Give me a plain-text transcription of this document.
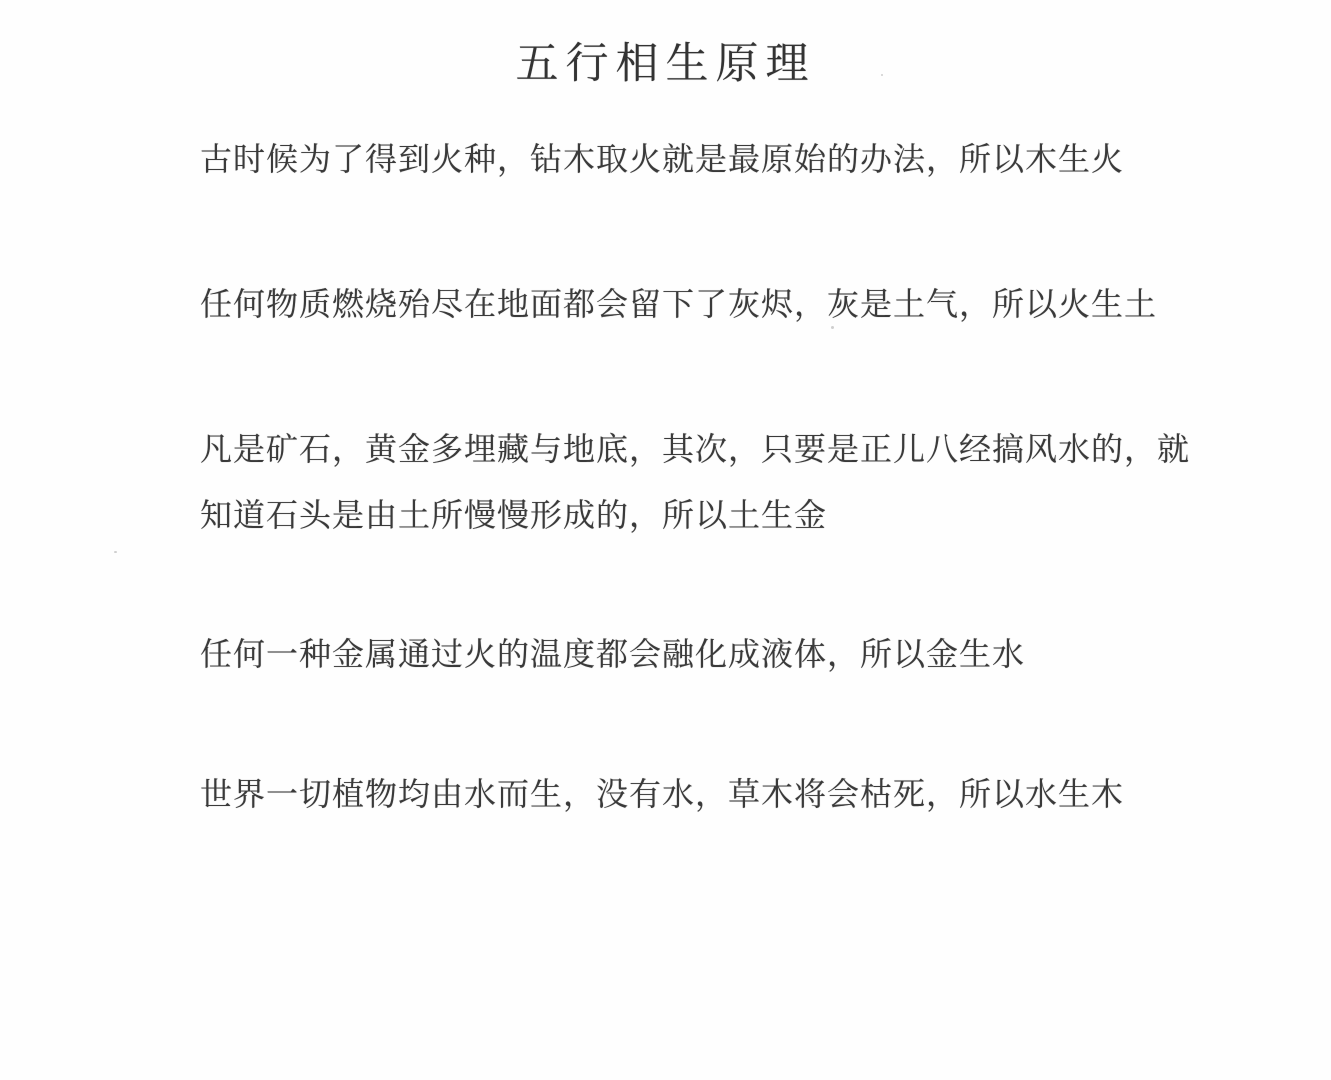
五行相生原理

古时候为了得到火种，钻木取火就是最原始的办法，所以木生火

任何物质燃烧殆尽在地面都会留下了灰烬，灰是土气，所以火生土

凡是矿石，黄金多埋藏与地底，其次，只要是正儿八经搞风水的，就

知道石头是由土所慢慢形成的，所以土生金

任何一种金属通过火的温度都会融化成液体，所以金生水

世界一切植物均由水而生，没有水，草木将会枯死，所以水生木
